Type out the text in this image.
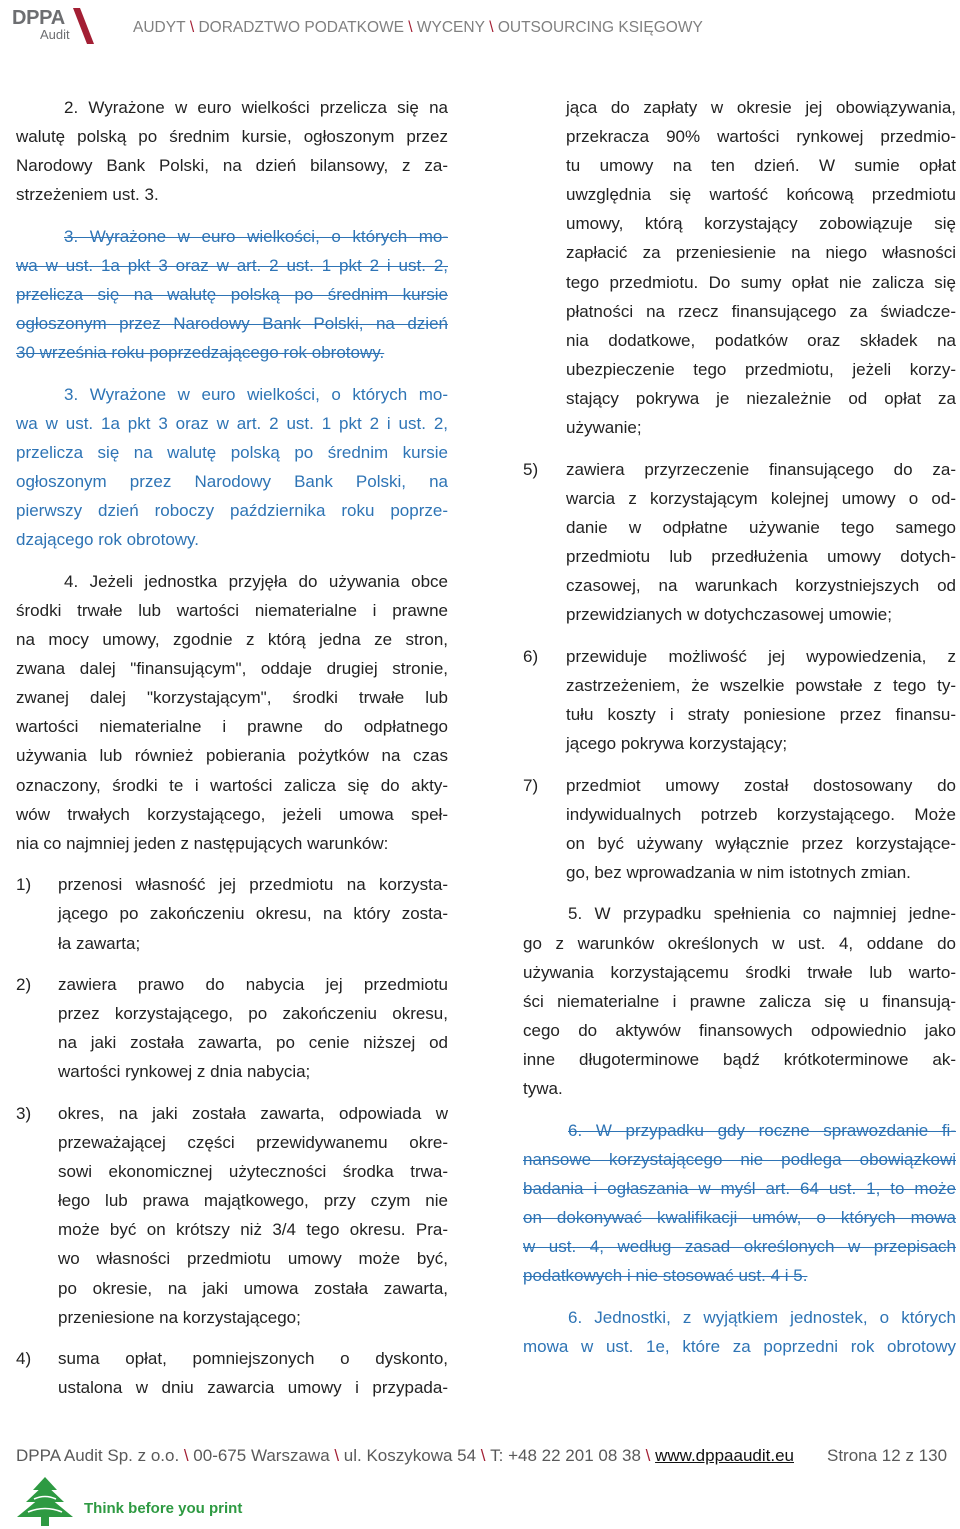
DPPA
Audit	AUDYT \ DORADZTWO PODATKOWE \ WYCENY \ OUTSOURCING KSIĘGOWY
2. Wyrażone w euro wielkości przelicza się na
walutę polską po średnim kursie, ogłoszonym przez
Narodowy Bank Polski, na dzień bilansowy, z za-
strzeżeniem ust. 3.
3. Wyrażone w euro wielkości, o których mo-
wa w ust. 1a pkt 3 oraz w art. 2 ust. 1 pkt 2 i ust. 2,
przelicza się na walutę polską po średnim kursie
ogłoszonym przez Narodowy Bank Polski, na dzień
30 września roku poprzedzającego rok obrotowy.
3. Wyrażone w euro wielkości, o których mo-
wa w ust. 1a pkt 3 oraz w art. 2 ust. 1 pkt 2 i ust. 2,
przelicza się na walutę polską po średnim kursie
ogłoszonym przez Narodowy Bank Polski, na
pierwszy dzień roboczy października roku poprze-
dzającego rok obrotowy.
4. Jeżeli jednostka przyjęła do używania obce
środki trwałe lub wartości niematerialne i prawne
na mocy umowy, zgodnie z którą jedna ze stron,
zwana dalej "finansującym", oddaje drugiej stronie,
zwanej dalej "korzystającym", środki trwałe lub
wartości niematerialne i prawne do odpłatnego
używania lub również pobierania pożytków na czas
oznaczony, środki te i wartości zalicza się do akty-
wów trwałych korzystającego, jeżeli umowa speł-
nia co najmniej jeden z następujących warunków:
1) przenosi własność jej przedmiotu na korzysta-
jącego po zakończeniu okresu, na który zosta-
ła zawarta;
2) zawiera prawo do nabycia jej przedmiotu
przez korzystającego, po zakończeniu okresu,
na jaki została zawarta, po cenie niższej od
wartości rynkowej z dnia nabycia;
3) okres, na jaki została zawarta, odpowiada w
przeważającej części przewidywanemu okre-
sowi ekonomicznej użyteczności środka trwa-
łego lub prawa majątkowego, przy czym nie
może być on krótszy niż 3/4 tego okresu. Pra-
wo własności przedmiotu umowy może być,
po okresie, na jaki umowa została zawarta,
przeniesione na korzystającego;
4) suma opłat, pomniejszonych o dyskonto,
ustalona w dniu zawarcia umowy i przypada-
jąca do zapłaty w okresie jej obowiązywania,
przekracza 90% wartości rynkowej przedmio-
tu umowy na ten dzień. W sumie opłat
uwzględnia się wartość końcową przedmiotu
umowy, którą korzystający zobowiązuje się
zapłacić za przeniesienie na niego własności
tego przedmiotu. Do sumy opłat nie zalicza się
płatności na rzecz finansującego za świadcze-
nia dodatkowe, podatków oraz składek na
ubezpieczenie tego przedmiotu, jeżeli korzy-
stający pokrywa je niezależnie od opłat za
używanie;
5) zawiera przyrzeczenie finansującego do za-
warcia z korzystającym kolejnej umowy o od-
danie w odpłatne używanie tego samego
przedmiotu lub przedłużenia umowy dotych-
czasowej, na warunkach korzystniejszych od
przewidzianych w dotychczasowej umowie;
6) przewiduje możliwość jej wypowiedzenia, z
zastrzeżeniem, że wszelkie powstałe z tego ty-
tułu koszty i straty poniesione przez finansu-
jącego pokrywa korzystający;
7) przedmiot umowy został dostosowany do
indywidualnych potrzeb korzystającego. Może
on być używany wyłącznie przez korzystające-
go, bez wprowadzania w nim istotnych zmian.
5. W przypadku spełnienia co najmniej jedne-
go z warunków określonych w ust. 4, oddane do
używania korzystającemu środki trwałe lub warto-
ści niematerialne i prawne zalicza się u finansują-
cego do aktywów finansowych odpowiednio jako
inne długoterminowe bądź krótkoterminowe ak-
tywa.
6. W przypadku gdy roczne sprawozdanie fi-
nansowe korzystającego nie podlega obowiązkowi
badania i ogłaszania w myśl art. 64 ust. 1, to może
on dokonywać kwalifikacji umów, o których mowa
w ust. 4, według zasad określonych w przepisach
podatkowych i nie stosować ust. 4 i 5.
6. Jednostki, z wyjątkiem jednostek, o których
mowa w ust. 1e, które za poprzedni rok obrotowy
DPPA Audit Sp. z o.o. \ 00-675 Warszawa \ ul. Koszykowa 54 \ T: +48 22 201 08 38 \ www.dppaaudit.eu Strona 12 z 130
Think before you print
